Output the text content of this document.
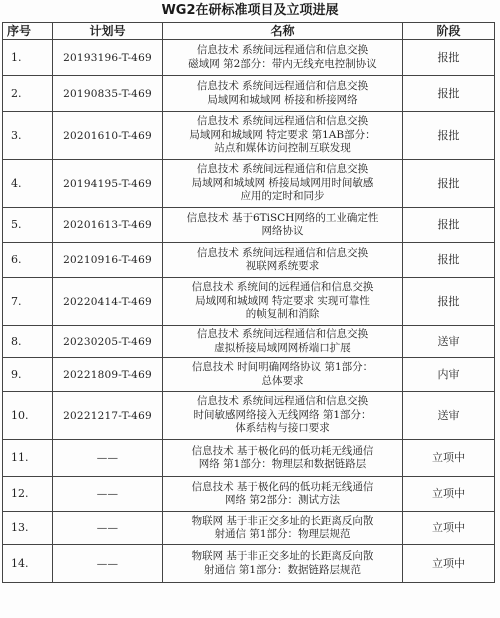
WG2在研标准项目及立项进展
序号	计划号	名称	阶段
1.	20193196-T-469	信息技术 系统间远程通信和信息交换
磁域网 第2部分：带内无线充电控制协议	报批
2.	20190835-T-469	信息技术 系统间远程通信和信息交换
局域网和城域网 桥接和桥接网络	报批
3.	20201610-T-469	信息技术 系统间远程通信和信息交换
局域网和城域网 特定要求 第1AB部分：
站点和媒体访问控制互联发现	报批
4.	20194195-T-469	信息技术 系统间远程通信和信息交换
局域网和城域网 桥接局域网用时间敏感
应用的定时和同步	报批
5.	20201613-T-469	信息技术 基于6TiSCH网络的工业确定性
网络协议	报批
6.	20210916-T-469	信息技术 系统间远程通信和信息交换
视联网系统要求	报批
7.	20220414-T-469	信息技术 系统间的远程通信和信息交换
局域网和城域网 特定要求 实现可靠性
的帧复制和消除	报批
8.	20230205-T-469	信息技术 系统间远程通信和信息交换
虚拟桥接局域网网桥端口扩展	送审
9.	20221809-T-469	信息技术 时间明确网络协议 第1部分：
总体要求	内审
10.	20221217-T-469	信息技术 系统间远程通信和信息交换
时间敏感网络接入无线网络 第1部分：
体系结构与接口要求	送审
11.	——	信息技术 基于极化码的低功耗无线通信
网络 第1部分：物理层和数据链路层	立项中
12.	——	信息技术 基于极化码的低功耗无线通信
网络 第2部分：测试方法	立项中
13.	——	物联网 基于非正交多址的长距离反向散
射通信 第1部分：物理层规范	立项中
14.	——	物联网 基于非正交多址的长距离反向散
射通信 第1部分：数据链路层规范	立项中
